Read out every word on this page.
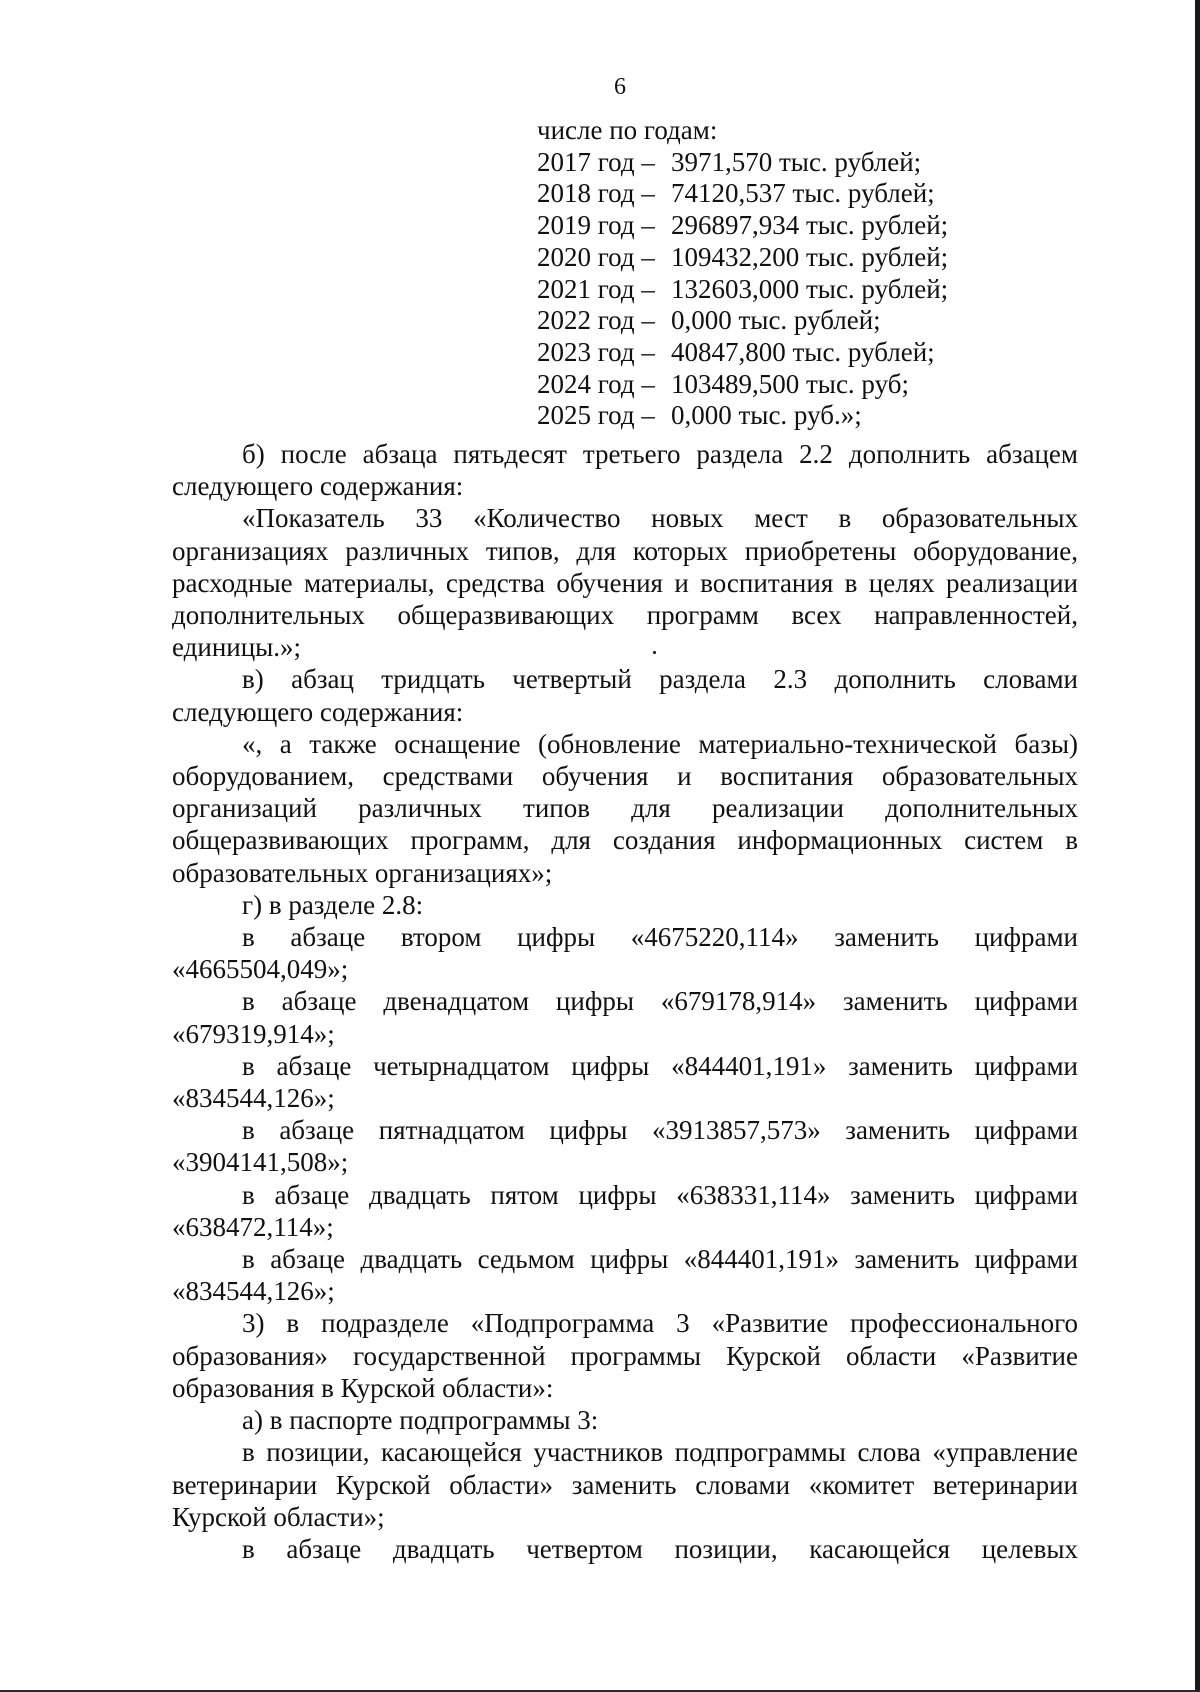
6
числе по годам:
2017 год – 3971,570 тыс. рублей;
2018 год – 74120,537 тыс. рублей;
2019 год – 296897,934 тыс. рублей;
2020 год – 109432,200 тыс. рублей;
2021 год – 132603,000 тыс. рублей;
2022 год – 0,000 тыс. рублей;
2023 год – 40847,800 тыс. рублей;
2024 год – 103489,500 тыс. руб;
2025 год – 0,000 тыс. руб.»;

б) после абзаца пятьдесят третьего раздела 2.2 дополнить абзацем следующего содержания:

«Показатель 33 «Количество новых мест в образовательных организациях различных типов, для которых приобретены оборудование, расходные материалы, средства обучения и воспитания в целях реализации дополнительных общеразвивающих программ всех направленностей, единицы.»;

в) абзац тридцать четвертый раздела 2.3 дополнить словами следующего содержания:

«, а также оснащение (обновление материально-технической базы) оборудованием, средствами обучения и воспитания образовательных организаций различных типов для реализации дополнительных общеразвивающих программ, для создания информационных систем в образовательных организациях»;

г) в разделе 2.8:

в абзаце втором цифры «4675220,114» заменить цифрами «4665504,049»;

в абзаце двенадцатом цифры «679178,914» заменить цифрами «679319,914»;

в абзаце четырнадцатом цифры «844401,191» заменить цифрами «834544,126»;

в абзаце пятнадцатом цифры «3913857,573» заменить цифрами «3904141,508»;

в абзаце двадцать пятом цифры «638331,114» заменить цифрами «638472,114»;

в абзаце двадцать седьмом цифры «844401,191» заменить цифрами «834544,126»;

3) в подразделе «Подпрограмма 3 «Развитие профессионального образования» государственной программы Курской области «Развитие образования в Курской области»:

а) в паспорте подпрограммы 3:

в позиции, касающейся участников подпрограммы слова «управление ветеринарии Курской области» заменить словами «комитет ветеринарии Курской области»;

в абзаце двадцать четвертом позиции, касающейся целевых
